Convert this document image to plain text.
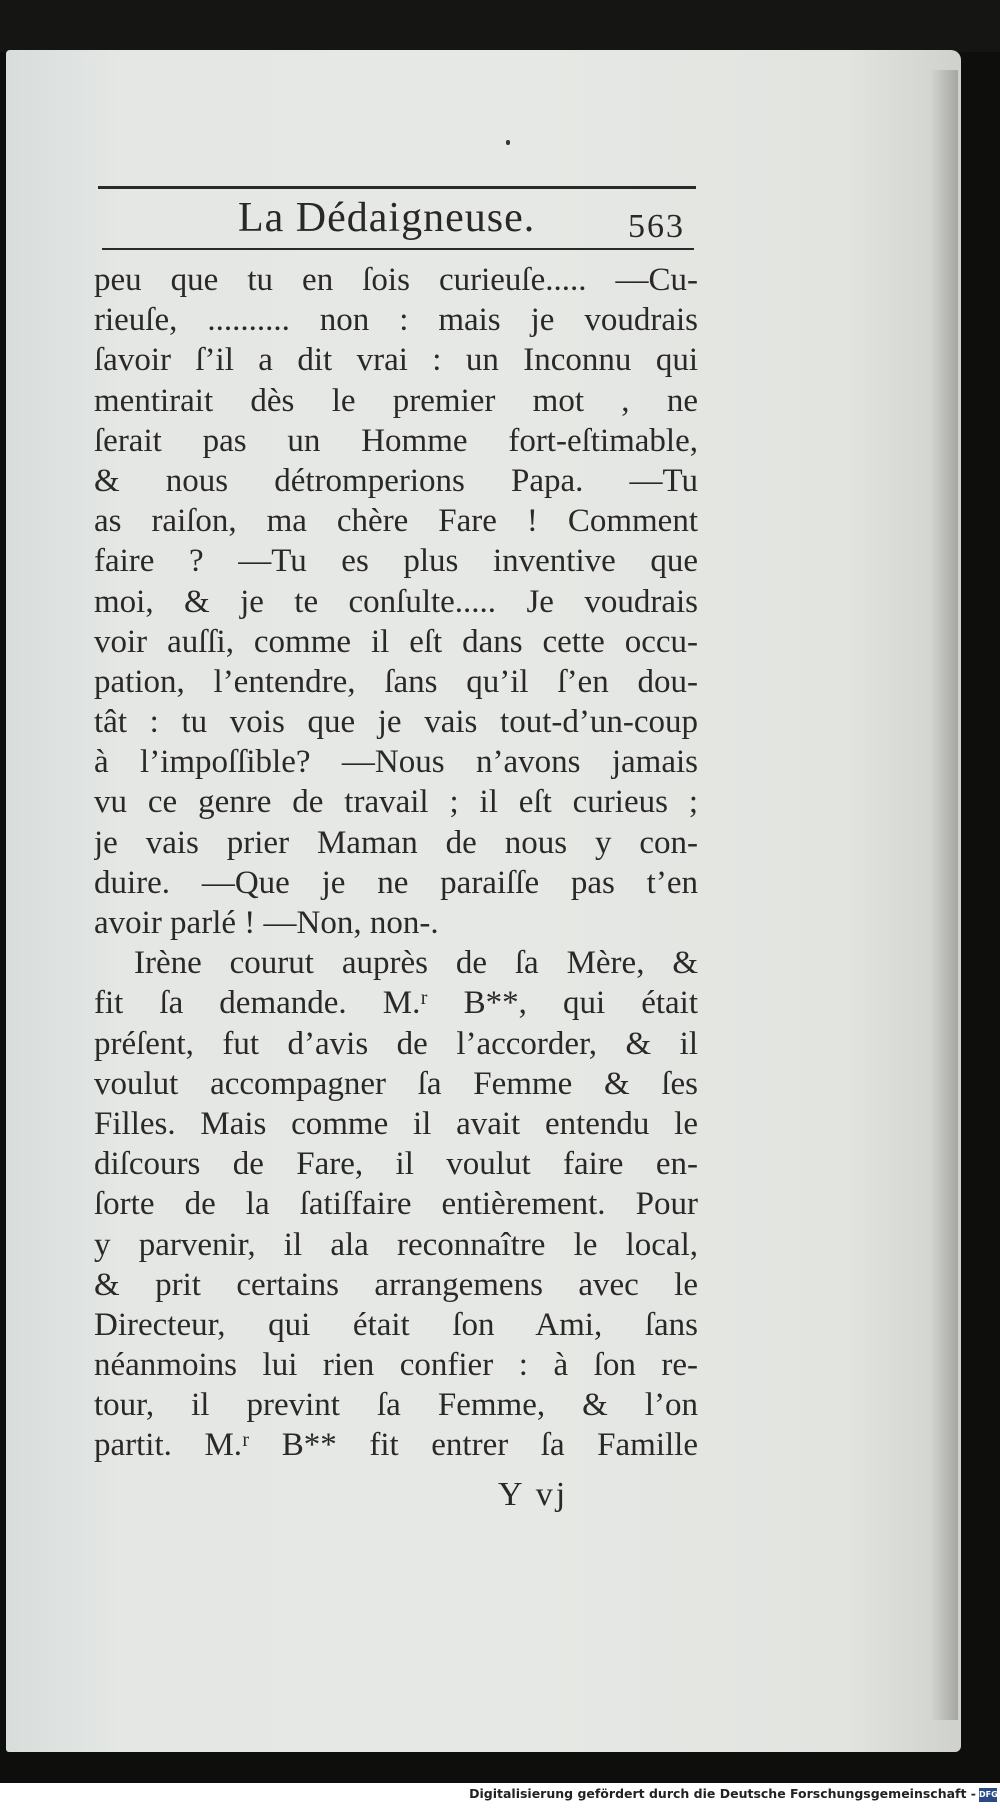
La Dédaigneuse.	563
peu que tu en ſois curieuſe..... —Cu-
rieuſe, .......... non : mais je voudrais
ſavoir ſ’il a dit vrai : un Inconnu qui
mentirait dès le premier mot , ne
ſerait pas un Homme fort-eſtimable,
& nous détromperions Papa. —Tu
as raiſon, ma chère Fare ! Comment
faire ? —Tu es plus inventive que
moi, & je te conſulte..... Je voudrais
voir auſſi, comme il eſt dans cette occu-
pation, l’entendre, ſans qu’il ſ’en dou-
tât : tu vois que je vais tout-d’un-coup
à l’impoſſible? —Nous n’avons jamais
vu ce genre de travail ; il eſt curieus ;
je vais prier Maman de nous y con-
duire. —Que je ne paraiſſe pas t’en
avoir parlé ! —Non, non-.
Irène courut auprès de ſa Mère, &
fit ſa demande. M.ʳ B**, qui était
préſent, fut d’avis de l’accorder, & il
voulut accompagner ſa Femme & ſes
Filles. Mais comme il avait entendu le
diſcours de Fare, il voulut faire en-
ſorte de la ſatiſfaire entièrement. Pour
y parvenir, il ala reconnaître le local,
& prit certains arrangemens avec le
Directeur, qui était ſon Ami, ſans
néanmoins lui rien confier : à ſon re-
tour, il prevint ſa Femme, & l’on
partit. M.ʳ B** fit entrer ſa Famille
Y vj
Digitalisierung gefördert durch die Deutsche Forschungsgemeinschaft - DFG
